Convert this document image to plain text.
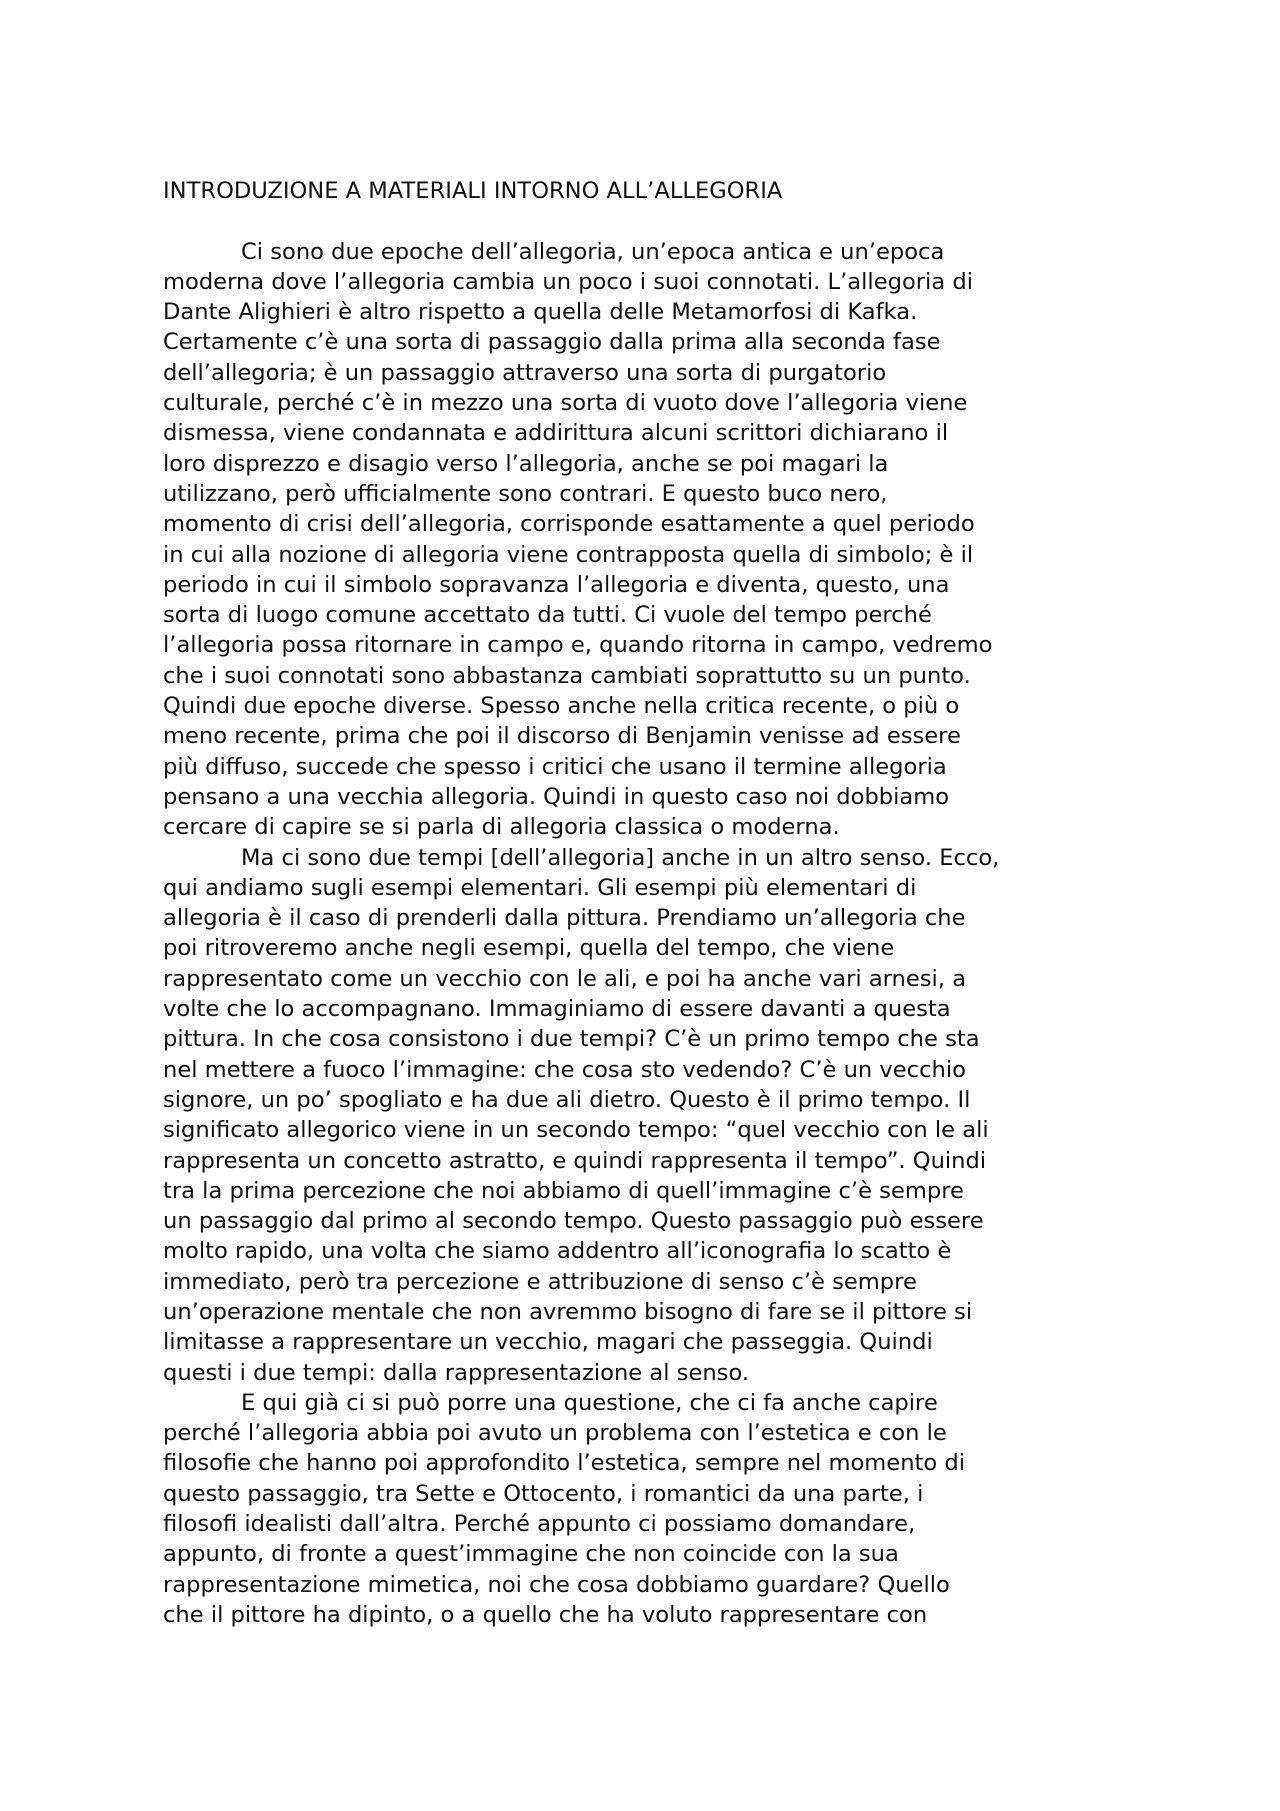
INTRODUZIONE A MATERIALI INTORNO ALL’ALLEGORIA

Ci sono due epoche dell’allegoria, un’epoca antica e un’epoca
moderna dove l’allegoria cambia un poco i suoi connotati. L’allegoria di
Dante Alighieri è altro rispetto a quella delle Metamorfosi di Kafka.
Certamente c’è una sorta di passaggio dalla prima alla seconda fase
dell’allegoria; è un passaggio attraverso una sorta di purgatorio
culturale, perché c’è in mezzo una sorta di vuoto dove l’allegoria viene
dismessa, viene condannata e addirittura alcuni scrittori dichiarano il
loro disprezzo e disagio verso l’allegoria, anche se poi magari la
utilizzano, però ufficialmente sono contrari. E questo buco nero,
momento di crisi dell’allegoria, corrisponde esattamente a quel periodo
in cui alla nozione di allegoria viene contrapposta quella di simbolo; è il
periodo in cui il simbolo sopravanza l’allegoria e diventa, questo, una
sorta di luogo comune accettato da tutti. Ci vuole del tempo perché
l’allegoria possa ritornare in campo e, quando ritorna in campo, vedremo
che i suoi connotati sono abbastanza cambiati soprattutto su un punto.
Quindi due epoche diverse. Spesso anche nella critica recente, o più o
meno recente, prima che poi il discorso di Benjamin venisse ad essere
più diffuso, succede che spesso i critici che usano il termine allegoria
pensano a una vecchia allegoria. Quindi in questo caso noi dobbiamo
cercare di capire se si parla di allegoria classica o moderna.

Ma ci sono due tempi [dell’allegoria] anche in un altro senso. Ecco,
qui andiamo sugli esempi elementari. Gli esempi più elementari di
allegoria è il caso di prenderli dalla pittura. Prendiamo un’allegoria che
poi ritroveremo anche negli esempi, quella del tempo, che viene
rappresentato come un vecchio con le ali, e poi ha anche vari arnesi, a
volte che lo accompagnano. Immaginiamo di essere davanti a questa
pittura. In che cosa consistono i due tempi? C’è un primo tempo che sta
nel mettere a fuoco l’immagine: che cosa sto vedendo? C’è un vecchio
signore, un po’ spogliato e ha due ali dietro. Questo è il primo tempo. Il
significato allegorico viene in un secondo tempo: “quel vecchio con le ali
rappresenta un concetto astratto, e quindi rappresenta il tempo”. Quindi
tra la prima percezione che noi abbiamo di quell’immagine c’è sempre
un passaggio dal primo al secondo tempo. Questo passaggio può essere
molto rapido, una volta che siamo addentro all’iconografia lo scatto è
immediato, però tra percezione e attribuzione di senso c’è sempre
un’operazione mentale che non avremmo bisogno di fare se il pittore si
limitasse a rappresentare un vecchio, magari che passeggia. Quindi
questi i due tempi: dalla rappresentazione al senso.

E qui già ci si può porre una questione, che ci fa anche capire
perché l’allegoria abbia poi avuto un problema con l’estetica e con le
filosofie che hanno poi approfondito l’estetica, sempre nel momento di
questo passaggio, tra Sette e Ottocento, i romantici da una parte, i
filosofi idealisti dall’altra. Perché appunto ci possiamo domandare,
appunto, di fronte a quest’immagine che non coincide con la sua
rappresentazione mimetica, noi che cosa dobbiamo guardare? Quello
che il pittore ha dipinto, o a quello che ha voluto rappresentare con
